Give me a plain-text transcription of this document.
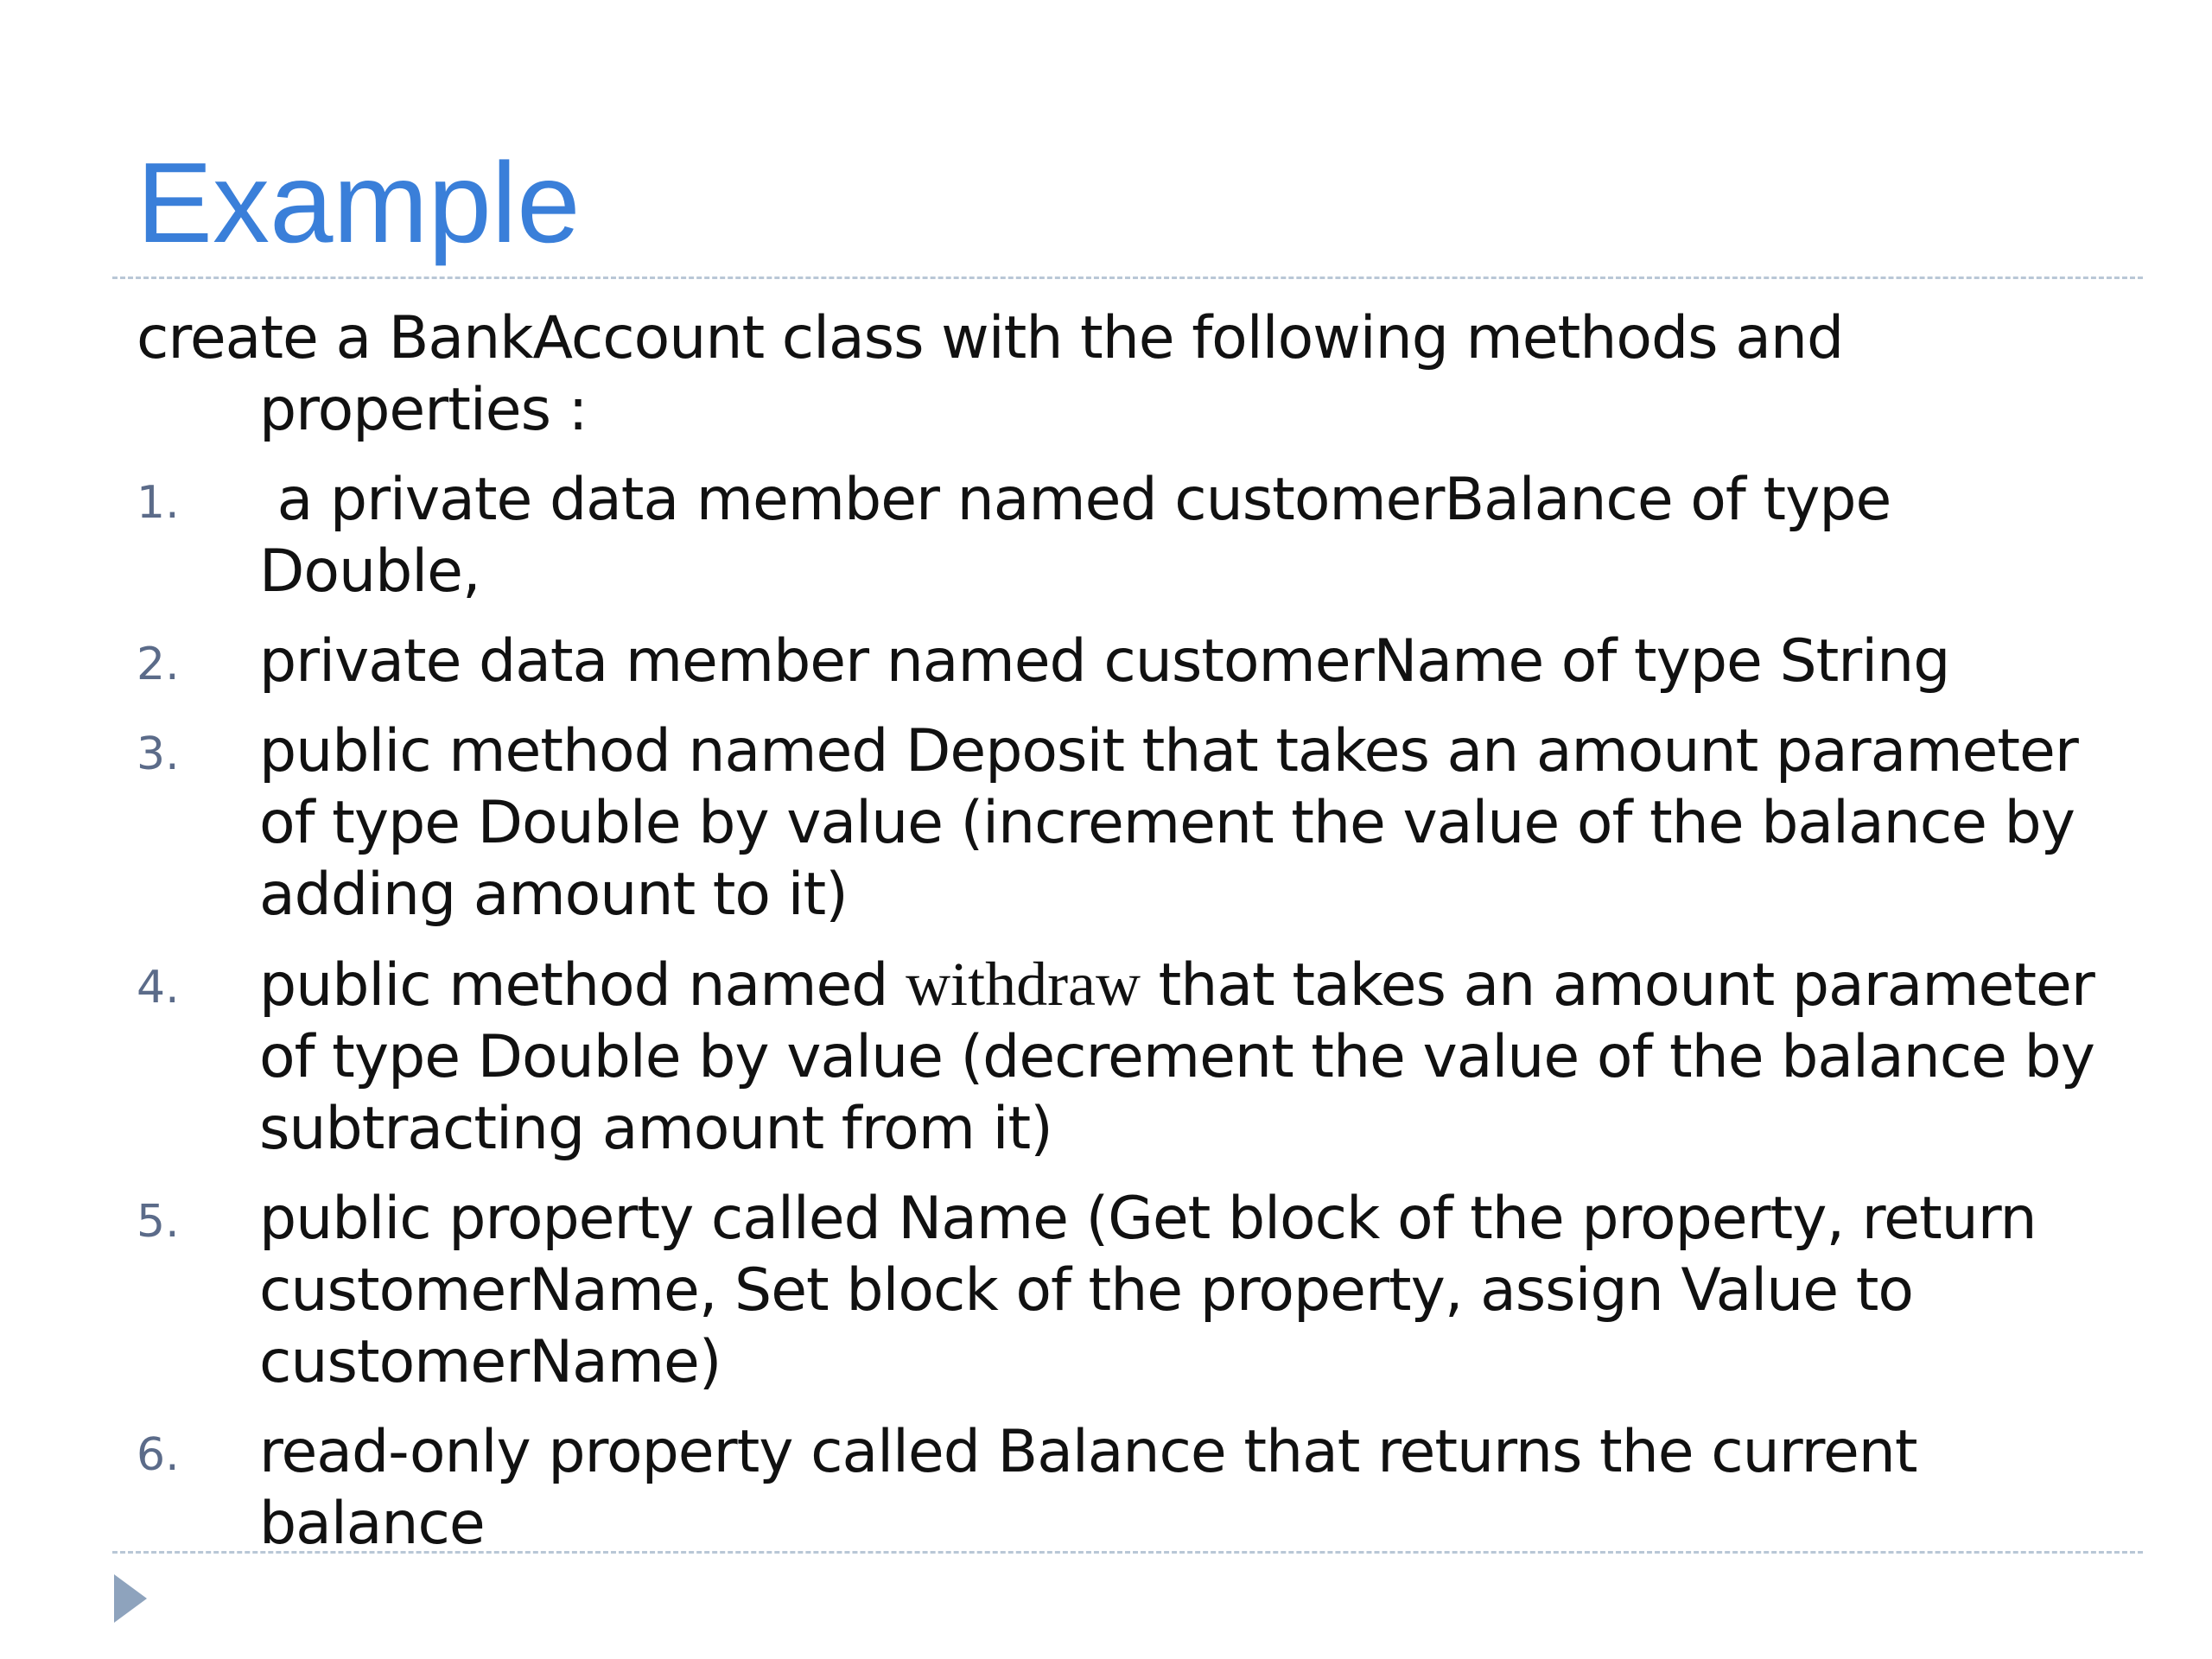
Example

create a BankAccount class with the following methods and properties :

1. a private data member named customerBalance of type Double,
2. private data member named customerName of type String
3. public method named Deposit that takes an amount parameter of type Double by value (increment the value of the balance by adding amount to it)
4. public method named withdraw that takes an amount parameter of type Double by value (decrement the value of the balance by subtracting amount from it)
5. public property called Name (Get block of the property, return customerName, Set block of the property, assign Value to customerName)
6. read-only property called Balance that returns the current balance
